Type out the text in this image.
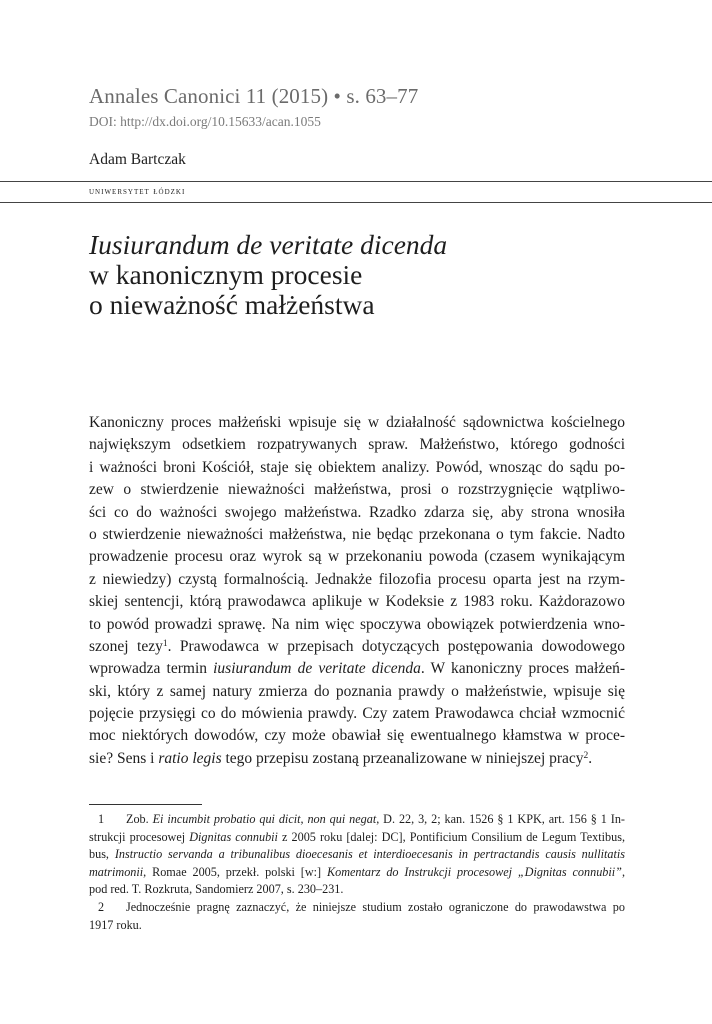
Annales Canonici 11 (2015) • s. 63–77
DOI: http://dx.doi.org/10.15633/acan.1055
Adam Bartczak
uniwersytet łódzki
Iusiurandum de veritate dicenda
w kanonicznym procesie
o nieważność małżeństwa
Kanoniczny proces małżeński wpisuje się w działalność sądownictwa kościelnego
największym odsetkiem rozpatrywanych spraw. Małżeństwo, którego godności
i ważności broni Kościół, staje się obiektem analizy. Powód, wnosząc do sądu po-
zew o stwierdzenie nieważności małżeństwa, prosi o rozstrzygnięcie wątpliwo-
ści co do ważności swojego małżeństwa. Rzadko zdarza się, aby strona wnosiła
o stwierdzenie nieważności małżeństwa, nie będąc przekonana o tym fakcie. Nadto
prowadzenie procesu oraz wyrok są w przekonaniu powoda (czasem wynikającym
z niewiedzy) czystą formalnością. Jednakże filozofia procesu oparta jest na rzym-
skiej sentencji, którą prawodawca aplikuje w Kodeksie z 1983 roku. Każdorazowo
to powód prowadzi sprawę. Na nim więc spoczywa obowiązek potwierdzenia wno-
szonej tezy$^1$. Prawodawca w przepisach dotyczących postępowania dowodowego
wprowadza termin iusiurandum de veritate dicenda. W kanoniczny proces małżeń-
ski, który z samej natury zmierza do poznania prawdy o małżeństwie, wpisuje się
pojęcie przysięgi co do mówienia prawdy. Czy zatem Prawodawca chciał wzmocnić
moc niektórych dowodów, czy może obawiał się ewentualnego kłamstwa w proce-
sie? Sens i ratio legis tego przepisu zostaną przeanalizowane w niniejszej pracy$^2$.
1 Zob. Ei incumbit probatio qui dicit, non qui negat, D. 22, 3, 2; kan. 1526 § 1 KPK, art. 156 § 1 In-
strukcji procesowej Dignitas connubii z 2005 roku [dalej: DC], Pontificium Consilium de Legum Textibus,
bus, Instructio servanda a tribunalibus dioecesanis et interdioecesanis in pertractandis causis nullitatis
matrimonii, Romae 2005, przekł. polski [w:] Komentarz do Instrukcji procesowej „Dignitas connubii”,
pod red. T. Rozkruta, Sandomierz 2007, s. 230–231.
2 Jednocześnie pragnę zaznaczyć, że niniejsze studium zostało ograniczone do prawodawstwa po
1917 roku.
